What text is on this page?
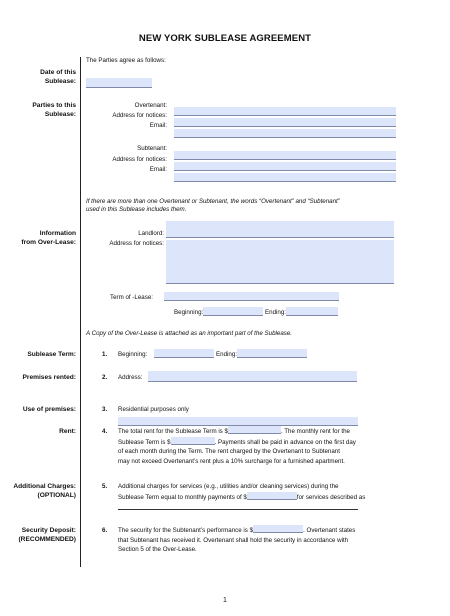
NEW YORK SUBLEASE AGREEMENT
The Parties agree as follows:
Date of this
Sublease:
Parties to this
Sublease:
Overtenant:
Address for notices:
Email:
Subtenant:
Address for notices:
Email:
If there are more than one Overtenant or Subtenant, the words “Overtenant” and “Subtenant”
used in this Sublease includes them.
Information
from Over-Lease:
Landlord:
Address for notices:
Term of -Lease:
Beginning:	Ending:
A Copy of the Over-Lease is attached as an important part of the Sublease.
Sublease Term:	1. Beginning:	Ending:
Premises rented:	2. Address:
Use of premises:	3. Residential purposes only
Rent:	4. The total rent for the Sublease Term is $	. The monthly rent for the
Sublease Term is $	. Payments shall be paid in advance on the first day
of each month during the Term. The rent charged by the Overtenant to Subtenant
may not exceed Overtenant’s rent plus a 10% surcharge for a furnished apartment.
Additional Charges:
(OPTIONAL)
5. Additional charges for services (e.g., utilities and/or cleaning services) during the
Sublease Term equal to monthly payments of $	for services described as
Security Deposit:
(RECOMMENDED)
6. The security for the Subtenant’s performance is $	. Overtenant states
that Subtenant has received it. Overtenant shall hold the security in accordance with
Section 5 of the Over-Lease.
1
